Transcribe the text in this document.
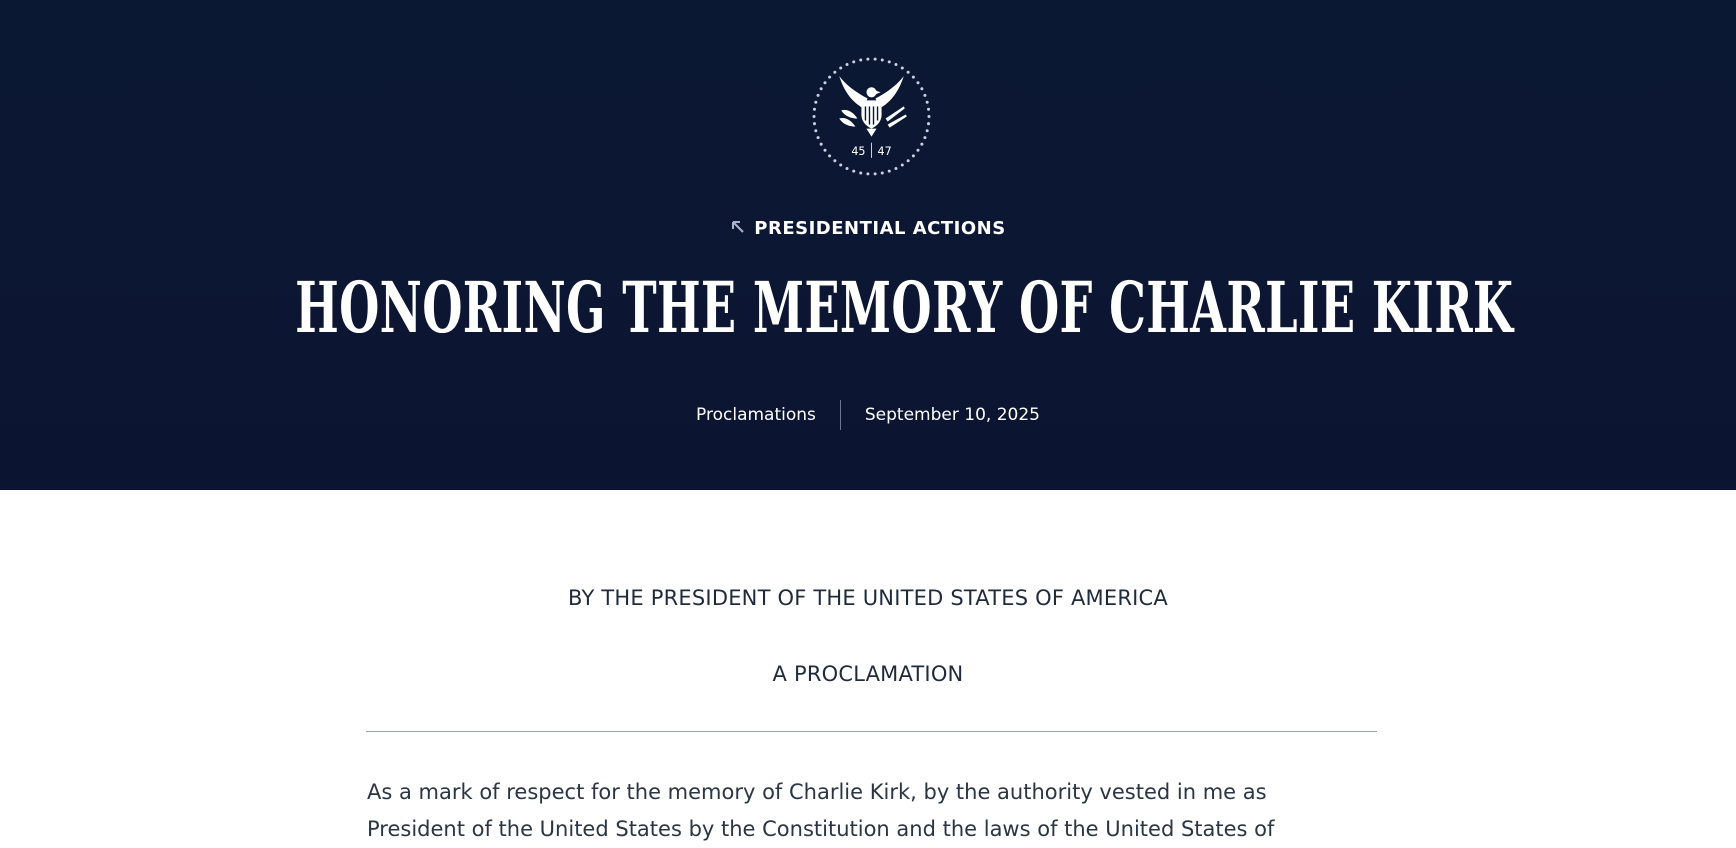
45 47
PRESIDENTIAL ACTIONS
HONORING THE MEMORY OF CHARLIE KIRK
Proclamations	September 10, 2025

BY THE PRESIDENT OF THE UNITED STATES OF AMERICA

A PROCLAMATION

As a mark of respect for the memory of Charlie Kirk, by the authority vested in me as President of the United States by the Constitution and the laws of the United States of
